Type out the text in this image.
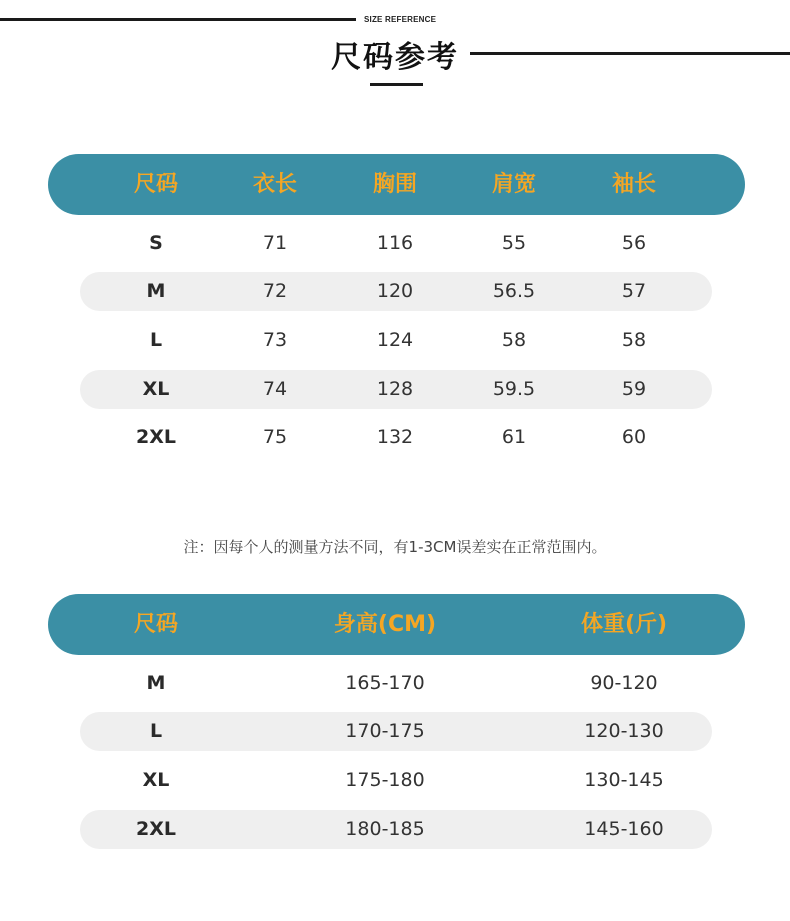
SIZE REFERENCE
尺码参考
尺码	衣长	胸围	肩宽	袖长
S	71	116	55	56
M	72	120	56.5	57
L	73	124	58	58
XL	74	128	59.5	59
2XL	75	132	61	60
注：因每个人的测量方法不同，有1-3CM误差实在正常范围内。
尺码	身高(CM)	体重(斤)
M	165-170	90-120
L	170-175	120-130
XL	175-180	130-145
2XL	180-185	145-160
